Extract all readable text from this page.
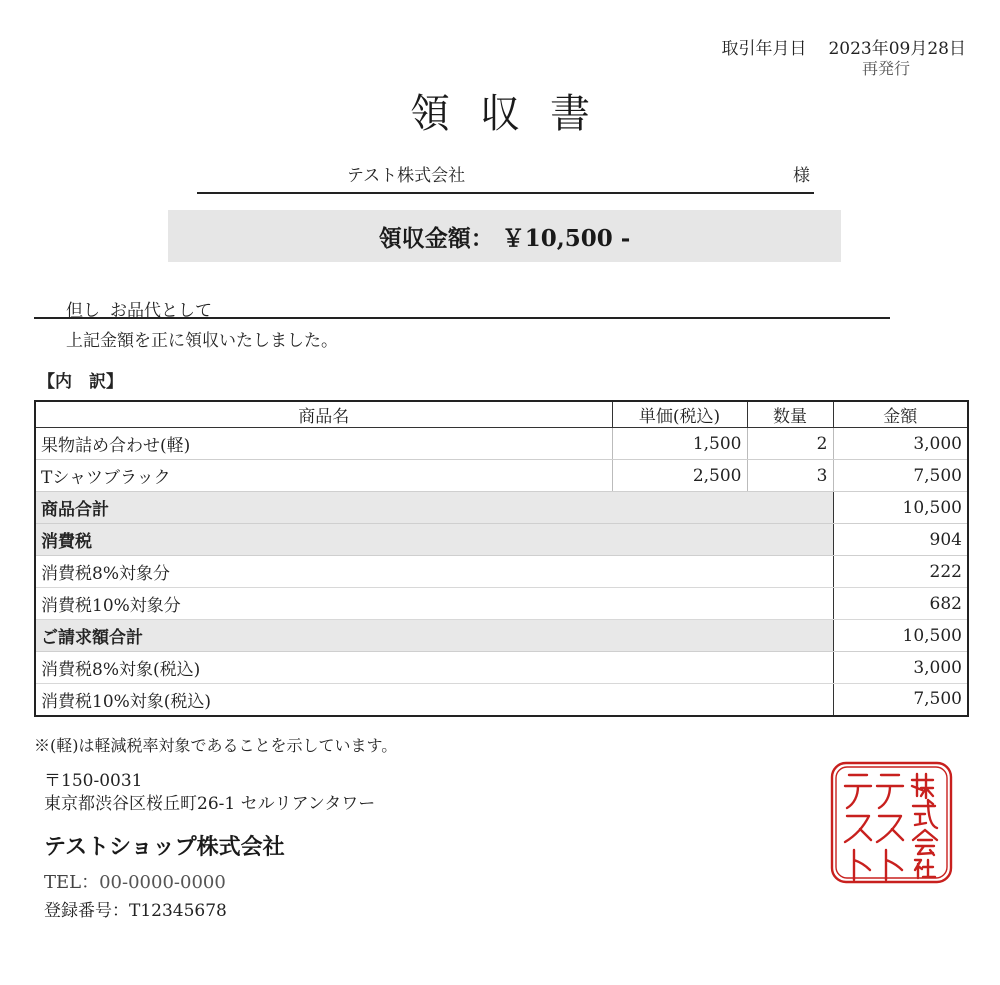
取引年月日 2023年09月28日
再発行
領収書
テスト株式会社	様
領収金額： ￥10,500 -
但し お品代として
上記金額を正に領収いたしました。
【内　訳】
商品名	単価(税込)	数量	金額
果物詰め合わせ(軽)	1,500	2	3,000
Tシャツブラック	2,500	3	7,500
商品合計			10,500
消費税			904
消費税8%対象分			222
消費税10%対象分			682
ご請求額合計			10,500
消費税8%対象(税込)			3,000
消費税10%対象(税込)			7,500
※(軽)は軽減税率対象であることを示しています。
〒150-0031
東京都渋谷区桜丘町26-1 セルリアンタワー
テストショップ株式会社
TEL：00-0000-0000
登録番号：T12345678
